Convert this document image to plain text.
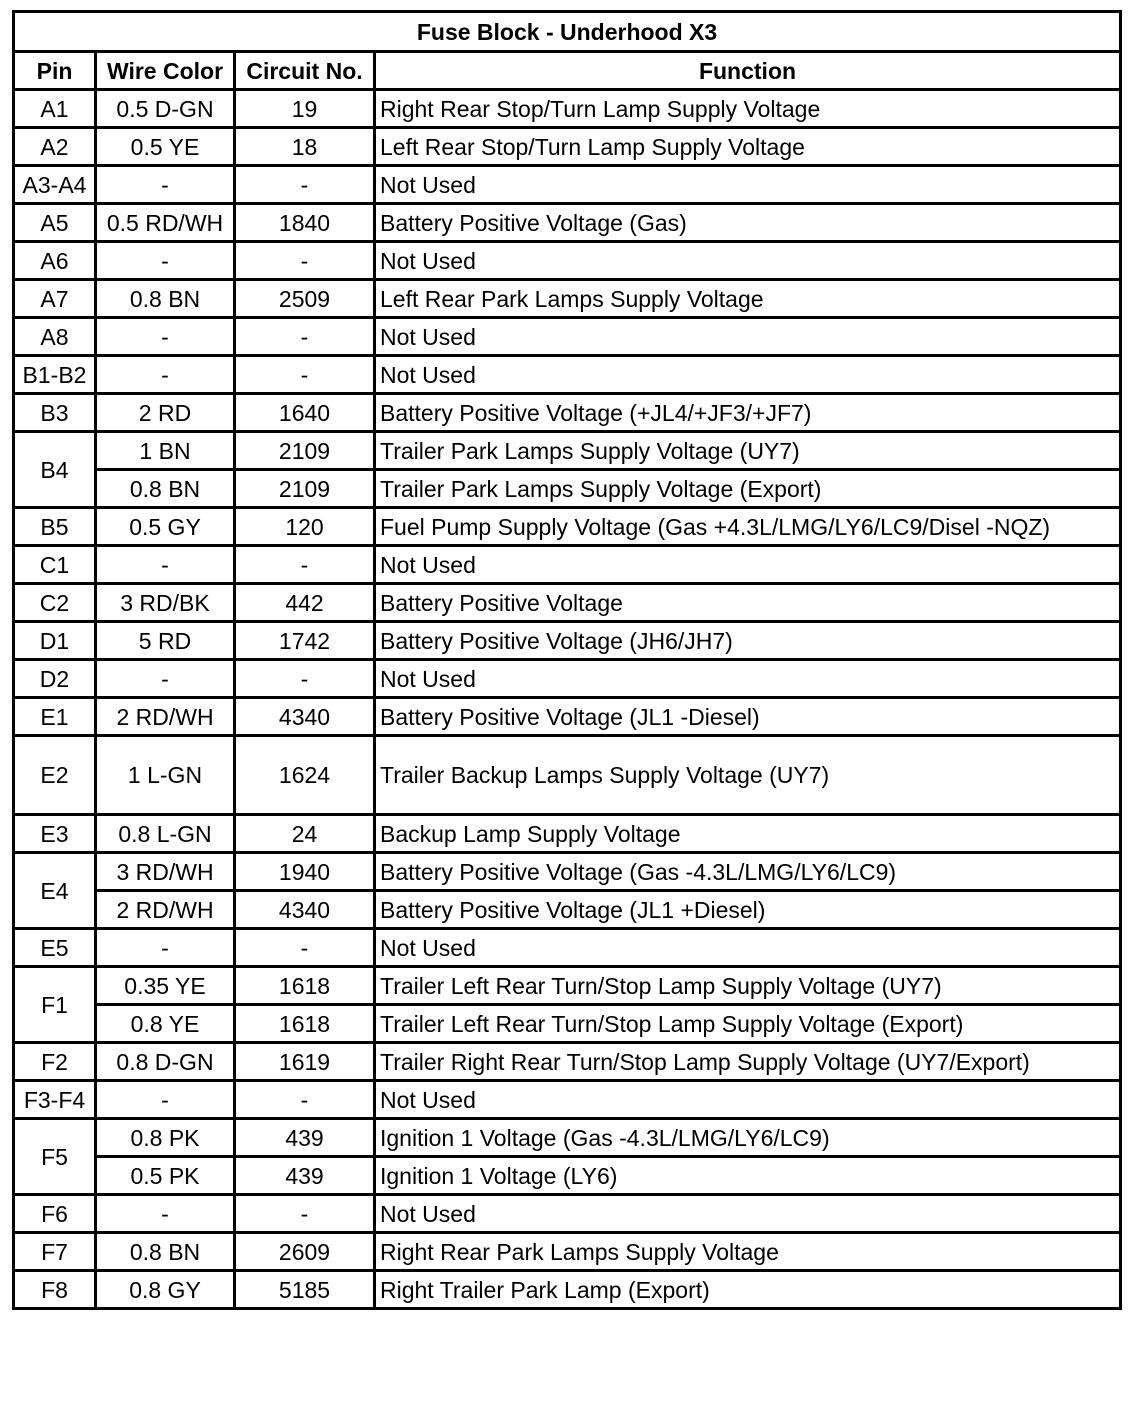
Fuse Block - Underhood X3			
Pin	Wire Color	Circuit No.	Function
A1	0.5 D-GN	19	Right Rear Stop/Turn Lamp Supply Voltage
A2	0.5 YE	18	Left Rear Stop/Turn Lamp Supply Voltage
A3-A4	-	-	Not Used
A5	0.5 RD/WH	1840	Battery Positive Voltage (Gas)
A6	-	-	Not Used
A7	0.8 BN	2509	Left Rear Park Lamps Supply Voltage
A8	-	-	Not Used
B1-B2	-	-	Not Used
B3	2 RD	1640	Battery Positive Voltage (+JL4/+JF3/+JF7)
B4	1 BN	2109	Trailer Park Lamps Supply Voltage (UY7)
	0.8 BN	2109	Trailer Park Lamps Supply Voltage (Export)
B5	0.5 GY	120	Fuel Pump Supply Voltage (Gas +4.3L/LMG/LY6/LC9/Disel -NQZ)
C1	-	-	Not Used
C2	3 RD/BK	442	Battery Positive Voltage
D1	5 RD	1742	Battery Positive Voltage (JH6/JH7)
D2	-	-	Not Used
E1	2 RD/WH	4340	Battery Positive Voltage (JL1 -Diesel)
E2	1 L-GN	1624	Trailer Backup Lamps Supply Voltage (UY7)
E3	0.8 L-GN	24	Backup Lamp Supply Voltage
E4	3 RD/WH	1940	Battery Positive Voltage (Gas -4.3L/LMG/LY6/LC9)
	2 RD/WH	4340	Battery Positive Voltage (JL1 +Diesel)
E5	-	-	Not Used
F1	0.35 YE	1618	Trailer Left Rear Turn/Stop Lamp Supply Voltage (UY7)
	0.8 YE	1618	Trailer Left Rear Turn/Stop Lamp Supply Voltage (Export)
F2	0.8 D-GN	1619	Trailer Right Rear Turn/Stop Lamp Supply Voltage (UY7/Export)
F3-F4	-	-	Not Used
F5	0.8 PK	439	Ignition 1 Voltage (Gas -4.3L/LMG/LY6/LC9)
	0.5 PK	439	Ignition 1 Voltage (LY6)
F6	-	-	Not Used
F7	0.8 BN	2609	Right Rear Park Lamps Supply Voltage
F8	0.8 GY	5185	Right Trailer Park Lamp (Export)
